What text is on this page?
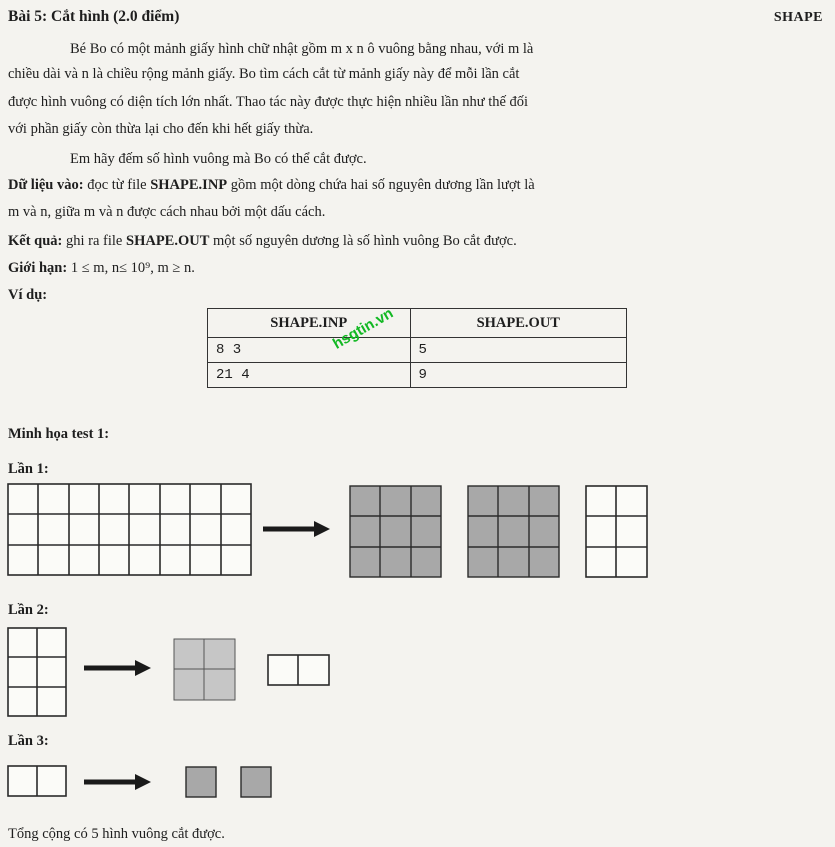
Bài 5: Cắt hình (2.0 điểm)	SHAPE
Bé Bo có một mảnh giấy hình chữ nhật gồm m x n ô vuông bằng nhau, với m là
chiều dài và n là chiều rộng mảnh giấy. Bo tìm cách cắt từ mảnh giấy này để mỗi lần cắt
được hình vuông có diện tích lớn nhất. Thao tác này được thực hiện nhiều lần như thế đối
với phần giấy còn thừa lại cho đến khi hết giấy thừa.
Em hãy đếm số hình vuông mà Bo có thể cắt được.
Dữ liệu vào: đọc từ file SHAPE.INP gồm một dòng chứa hai số nguyên dương lần lượt là
m và n, giữa m và n được cách nhau bởi một dấu cách.
Kết quả: ghi ra file SHAPE.OUT một số nguyên dương là số hình vuông Bo cắt được.
Giới hạn: 1 ≤ m, n≤ 10⁹, m ≥ n.
Ví dụ:
SHAPE.INP	SHAPE.OUT
8 3	5
21 4	9
hsgtin.vn
Minh họa test 1:
Lần 1:
Lần 2:
Lần 3:
Tổng cộng có 5 hình vuông cắt được.
